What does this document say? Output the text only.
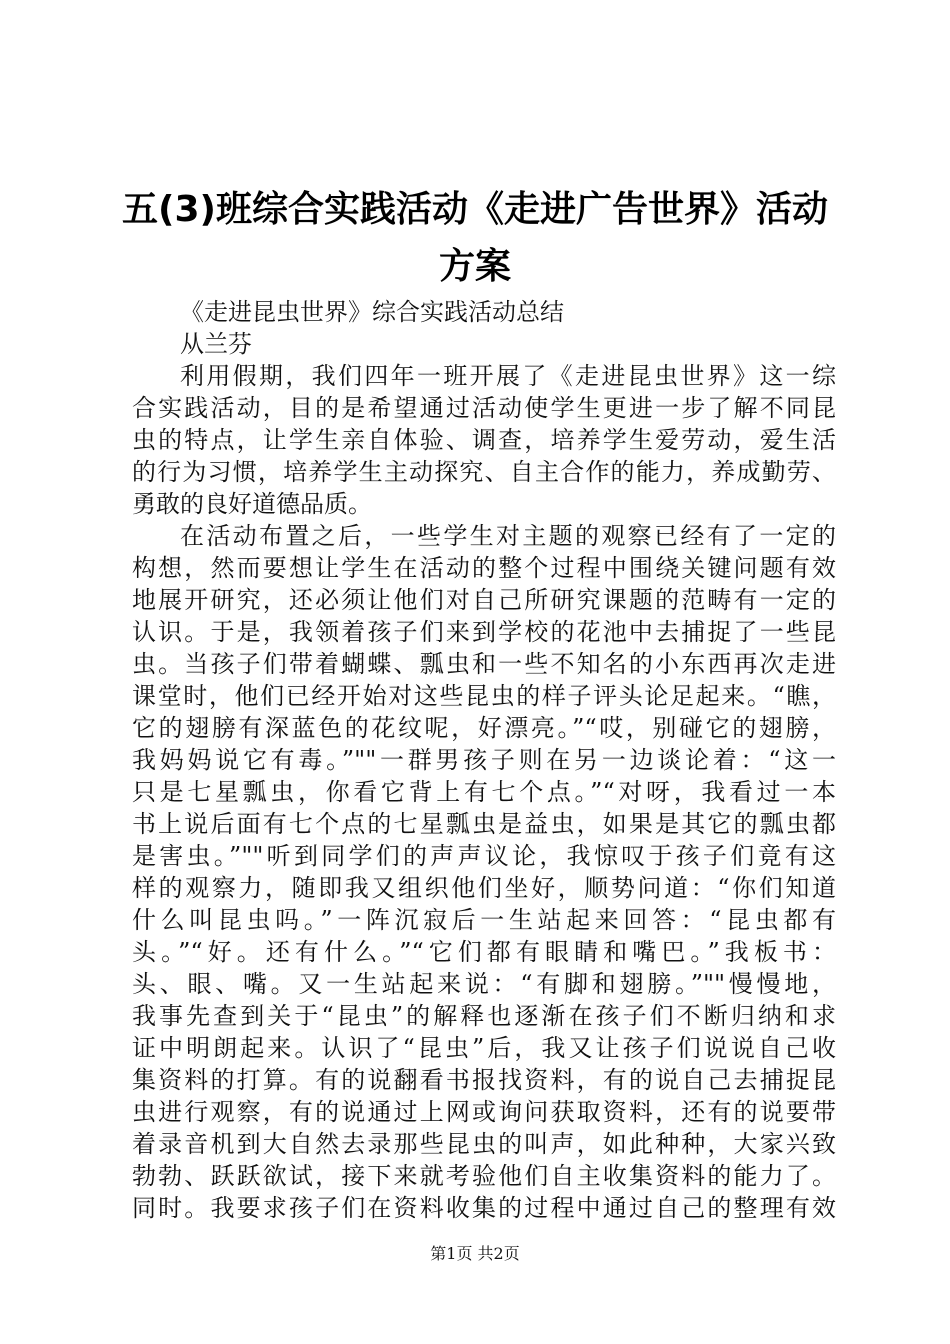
五(3)班综合实践活动《走进广告世界》活动
方案
《走进昆虫世界》综合实践活动总结
从兰芬
利用假期，我们四年一班开展了《走进昆虫世界》这一综
合实践活动，目的是希望通过活动使学生更进一步了解不同昆
虫的特点，让学生亲自体验、调查，培养学生爱劳动，爱生活
的行为习惯，培养学生主动探究、自主合作的能力，养成勤劳、
勇敢的良好道德品质。
在活动布置之后，一些学生对主题的观察已经有了一定的
构想，然而要想让学生在活动的整个过程中围绕关键问题有效
地展开研究，还必须让他们对自己所研究课题的范畴有一定的
认识。于是，我领着孩子们来到学校的花池中去捕捉了一些昆
虫。当孩子们带着蝴蝶、瓢虫和一些不知名的小东西再次走进
课堂时，他们已经开始对这些昆虫的样子评头论足起来。“瞧，
它的翅膀有深蓝色的花纹呢，好漂亮。”“哎，别碰它的翅膀，
我妈妈说它有毒。”""一群男孩子则在另一边谈论着：“这一
只是七星瓢虫，你看它背上有七个点。”“对呀，我看过一本
书上说后面有七个点的七星瓢虫是益虫，如果是其它的瓢虫都
是害虫。”""听到同学们的声声议论，我惊叹于孩子们竟有这
样的观察力，随即我又组织他们坐好，顺势问道：“你们知道
什么叫昆虫吗。”一阵沉寂后一生站起来回答：“昆虫都有
头。”“好。还有什么。”“它们都有眼睛和嘴巴。”我板书：
头、眼、嘴。又一生站起来说：“有脚和翅膀。”""慢慢地，
我事先查到关于“昆虫”的解释也逐渐在孩子们不断归纳和求
证中明朗起来。认识了“昆虫”后，我又让孩子们说说自己收
集资料的打算。有的说翻看书报找资料，有的说自己去捕捉昆
虫进行观察，有的说通过上网或询问获取资料，还有的说要带
着录音机到大自然去录那些昆虫的叫声，如此种种，大家兴致
勃勃、跃跃欲试，接下来就考验他们自主收集资料的能力了。
同时。我要求孩子们在资料收集的过程中通过自己的整理有效
第1页 共2页
